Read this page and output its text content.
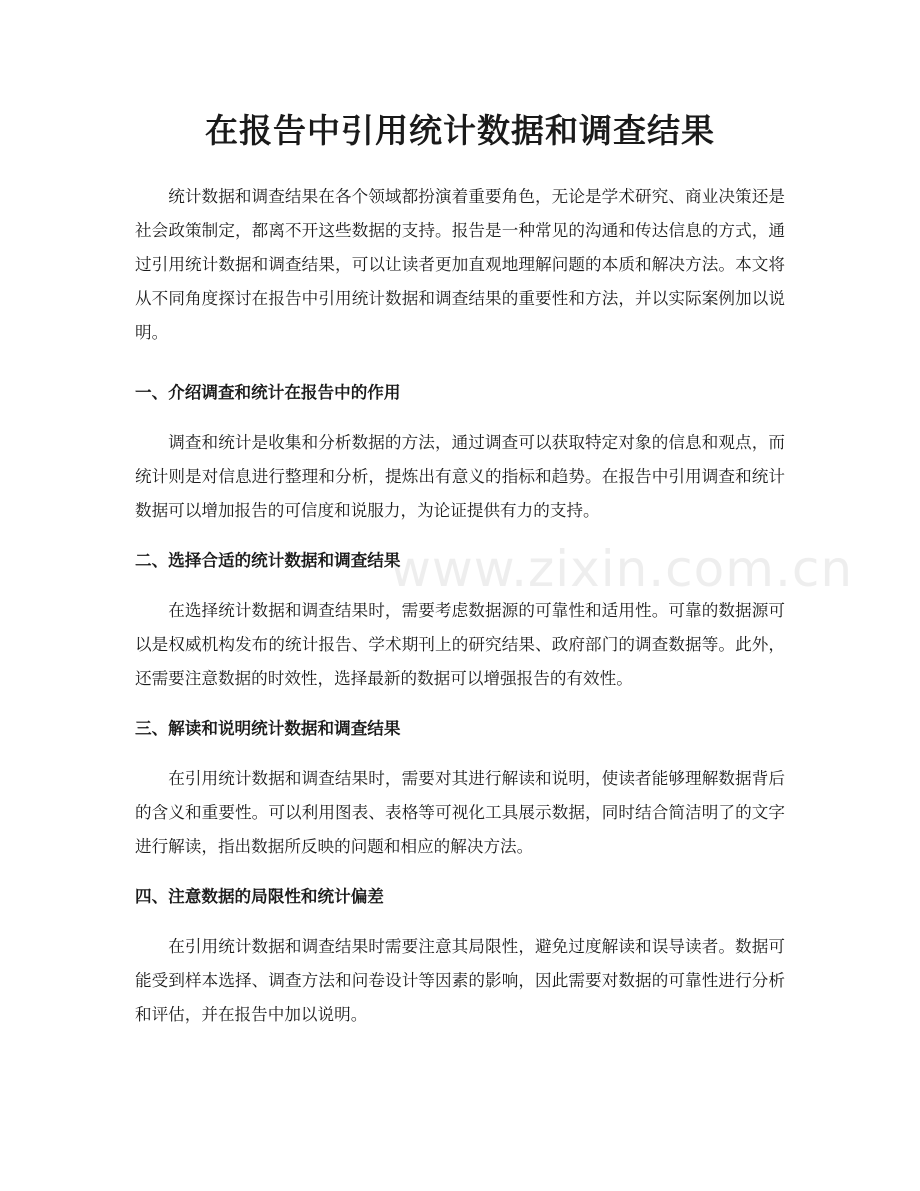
在报告中引用统计数据和调查结果

统计数据和调查结果在各个领域都扮演着重要角色，无论是学术研究、商业决策还是社会政策制定，都离不开这些数据的支持。报告是一种常见的沟通和传达信息的方式，通过引用统计数据和调查结果，可以让读者更加直观地理解问题的本质和解决方法。本文将从不同角度探讨在报告中引用统计数据和调查结果的重要性和方法，并以实际案例加以说明。

一、介绍调查和统计在报告中的作用

调查和统计是收集和分析数据的方法，通过调查可以获取特定对象的信息和观点，而统计则是对信息进行整理和分析，提炼出有意义的指标和趋势。在报告中引用调查和统计数据可以增加报告的可信度和说服力，为论证提供有力的支持。

二、选择合适的统计数据和调查结果

在选择统计数据和调查结果时，需要考虑数据源的可靠性和适用性。可靠的数据源可以是权威机构发布的统计报告、学术期刊上的研究结果、政府部门的调查数据等。此外，还需要注意数据的时效性，选择最新的数据可以增强报告的有效性。

三、解读和说明统计数据和调查结果

在引用统计数据和调查结果时，需要对其进行解读和说明，使读者能够理解数据背后的含义和重要性。可以利用图表、表格等可视化工具展示数据，同时结合简洁明了的文字进行解读，指出数据所反映的问题和相应的解决方法。

四、注意数据的局限性和统计偏差

在引用统计数据和调查结果时需要注意其局限性，避免过度解读和误导读者。数据可能受到样本选择、调查方法和问卷设计等因素的影响，因此需要对数据的可靠性进行分析和评估，并在报告中加以说明。

www.zixin.com.cn
